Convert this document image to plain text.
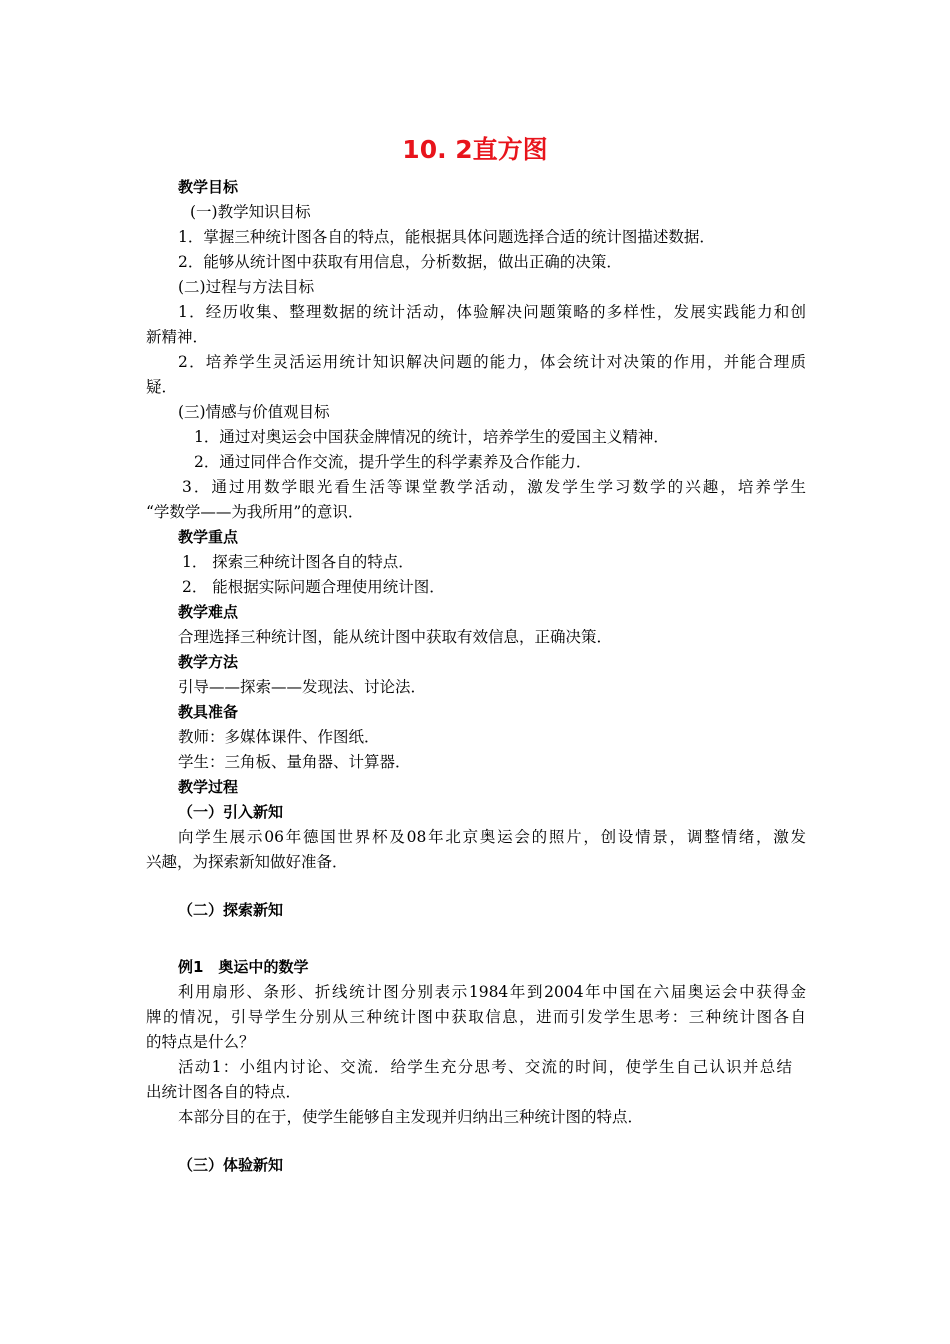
10. 2直方图
教学目标
(一)教学知识目标
1．掌握三种统计图各自的特点，能根据具体问题选择合适的统计图描述数据．
2．能够从统计图中获取有用信息，分析数据，做出正确的决策．
(二)过程与方法目标
1．经历收集、整理数据的统计活动，体验解决问题策略的多样性，发展实践能力和创
新精神．
2．培养学生灵活运用统计知识解决问题的能力，体会统计对决策的作用，并能合理质
疑．
(三)情感与价值观目标
1．通过对奥运会中国获金牌情况的统计，培养学生的爱国主义精神．
2．通过同伴合作交流，提升学生的科学素养及合作能力．
3．通过用数学眼光看生活等课堂教学活动，激发学生学习数学的兴趣，培养学生
“学数学——为我所用”的意识．
教学重点
1． 探索三种统计图各自的特点．
2． 能根据实际问题合理使用统计图．
教学难点
合理选择三种统计图，能从统计图中获取有效信息，正确决策．
教学方法
引导——探索——发现法、讨论法．
教具准备
教师：多媒体课件、作图纸．
学生：三角板、量角器、计算器．
教学过程
（一）引入新知
向学生展示06年德国世界杯及08年北京奥运会的照片，创设情景，调整情绪，激发
兴趣，为探索新知做好准备．
（二）探索新知
例1　奥运中的数学
利用扇形、条形、折线统计图分别表示1984年到2004年中国在六届奥运会中获得金
牌的情况，引导学生分别从三种统计图中获取信息，进而引发学生思考：三种统计图各自
的特点是什么？
活动1：小组内讨论、交流．给学生充分思考、交流的时间，使学生自己认识并总结
出统计图各自的特点．
本部分目的在于，使学生能够自主发现并归纳出三种统计图的特点．
（三）体验新知
